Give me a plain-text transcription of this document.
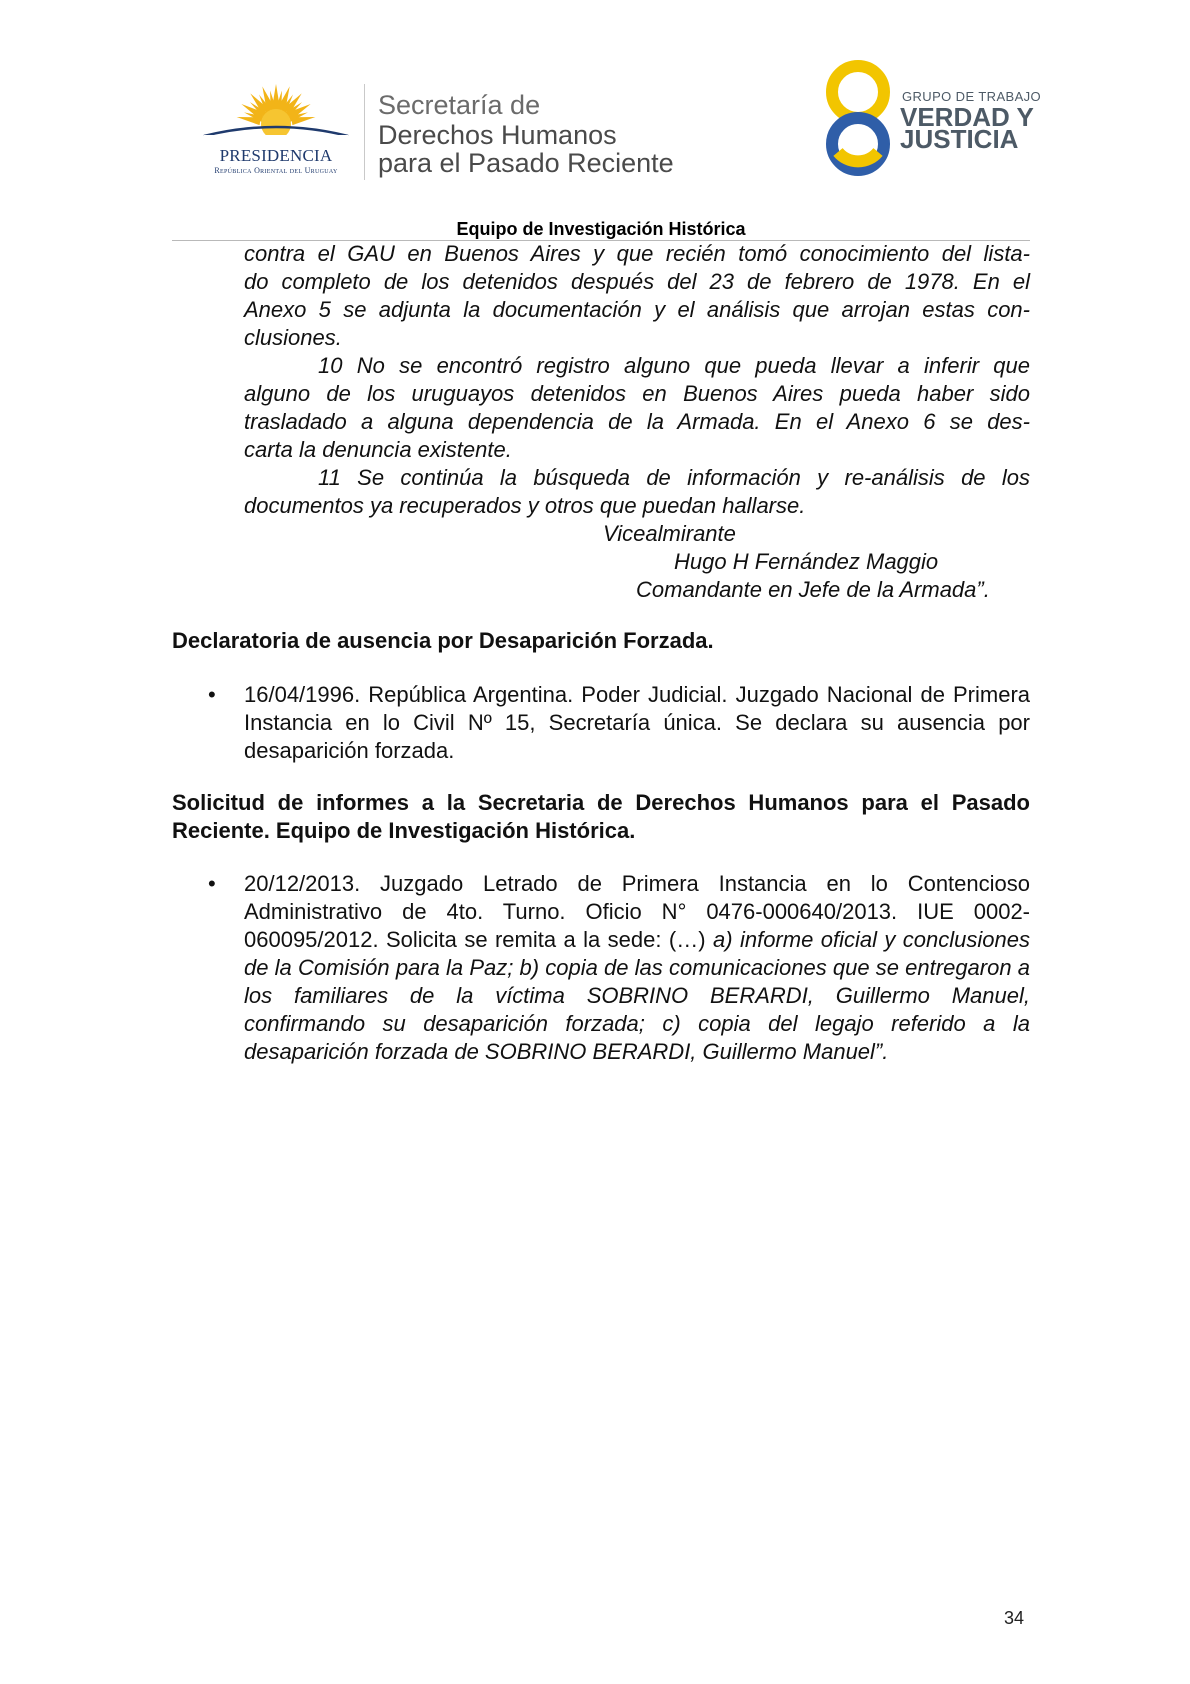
PRESIDENCIA
República Oriental del Uruguay
Secretaría de
Derechos Humanos
para el Pasado Reciente
GRUPO DE TRABAJO
VERDAD Y
JUSTICIA
Equipo de Investigación Histórica

contra el GAU en Buenos Aires y que recién tomó conocimiento del lista-

do completo de los detenidos después del 23 de febrero de 1978. En el

Anexo 5 se adjunta la documentación y el análisis que arrojan estas con-

clusiones.

10 No se encontró registro alguno que pueda llevar a inferir que

alguno de los uruguayos detenidos en Buenos Aires pueda haber sido

trasladado a alguna dependencia de la Armada. En el Anexo 6 se des-

carta la denuncia existente.

11 Se continúa la búsqueda de información y re-análisis de los

documentos ya recuperados y otros que puedan hallarse.

Vicealmirante
Hugo H Fernández Maggio
Comandante en Jefe de la Armada”.
Declaratoria de ausencia por Desaparición Forzada.
• 16/04/1996. República Argentina. Poder Judicial. Juzgado Nacional de Primera Instancia en lo Civil Nº 15, Secretaría única. Se declara su ausencia por desaparición forzada.
Solicitud de informes a la Secretaria de Derechos Humanos para el Pasado Reciente. Equipo de Investigación Histórica.
• 20/12/2013. Juzgado Letrado de Primera Instancia en lo Contencioso Administrativo de 4to. Turno. Oficio N° 0476-000640/2013. IUE 0002-060095/2012. Solicita se remita a la sede: (…) a) informe oficial y conclusiones de la Comisión para la Paz; b) copia de las comunicaciones que se entregaron a los familiares de la víctima SOBRINO BERARDI, Guillermo Manuel, confirmando su desaparición forzada; c) copia del legajo referido a la desaparición forzada de SOBRINO BERARDI, Guillermo Manuel”.
34
